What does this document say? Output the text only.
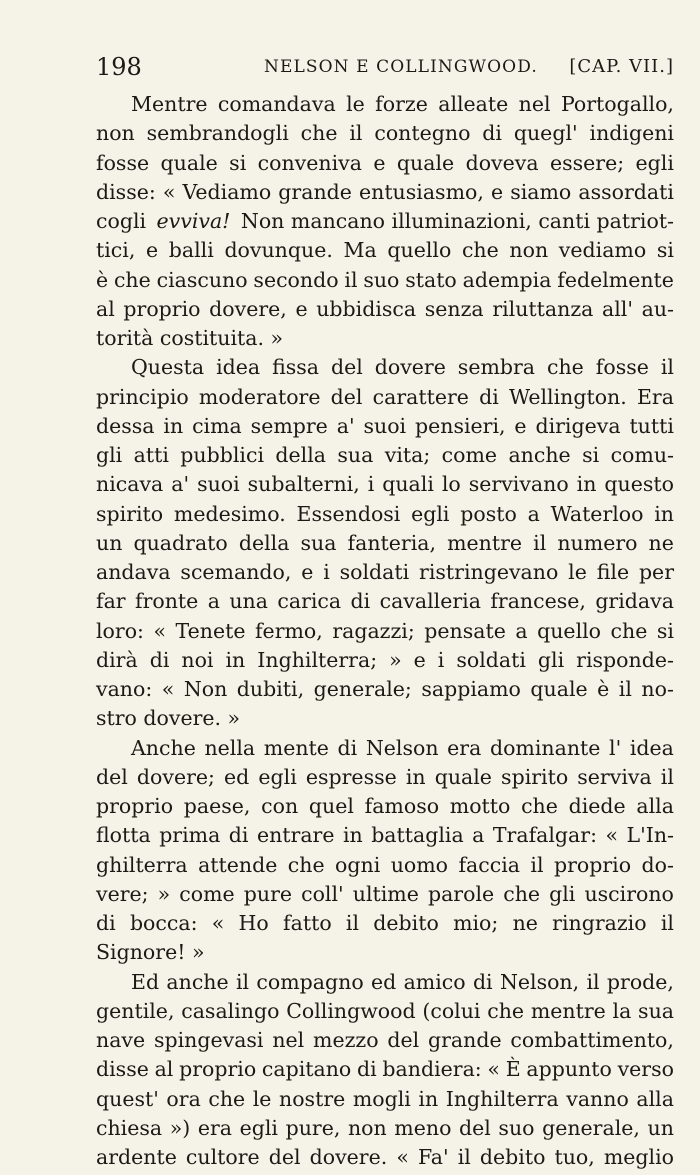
198	NELSON E COLLINGWOOD. [CAP. VII.]
Mentre comandava le forze alleate nel Portogallo,
non sembrandogli che il contegno di quegl' indigeni
fosse quale si conveniva e quale doveva essere; egli
disse: « Vediamo grande entusiasmo, e siamo assordati
cogli evviva! Non mancano illuminazioni, canti patriot-
tici, e balli dovunque. Ma quello che non vediamo si
è che ciascuno secondo il suo stato adempia fedelmente
al proprio dovere, e ubbidisca senza riluttanza all' au-
torità costituita. »
Questa idea fissa del dovere sembra che fosse il
principio moderatore del carattere di Wellington. Era
dessa in cima sempre a' suoi pensieri, e dirigeva tutti
gli atti pubblici della sua vita; come anche si comu-
nicava a' suoi subalterni, i quali lo servivano in questo
spirito medesimo. Essendosi egli posto a Waterloo in
un quadrato della sua fanteria, mentre il numero ne
andava scemando, e i soldati ristringevano le file per
far fronte a una carica di cavalleria francese, gridava
loro: « Tenete fermo, ragazzi; pensate a quello che si
dirà di noi in Inghilterra; » e i soldati gli risponde-
vano: « Non dubiti, generale; sappiamo quale è il no-
stro dovere. »
Anche nella mente di Nelson era dominante l' idea
del dovere; ed egli espresse in quale spirito serviva il
proprio paese, con quel famoso motto che diede alla
flotta prima di entrare in battaglia a Trafalgar: « L'In-
ghilterra attende che ogni uomo faccia il proprio do-
vere; » come pure coll' ultime parole che gli uscirono
di bocca: « Ho fatto il debito mio; ne ringrazio il
Signore! »
Ed anche il compagno ed amico di Nelson, il prode,
gentile, casalingo Collingwood (colui che mentre la sua
nave spingevasi nel mezzo del grande combattimento,
disse al proprio capitano di bandiera: « È appunto verso
quest' ora che le nostre mogli in Inghilterra vanno alla
chiesa ») era egli pure, non meno del suo generale, un
ardente cultore del dovere. « Fa' il debito tuo, meglio
